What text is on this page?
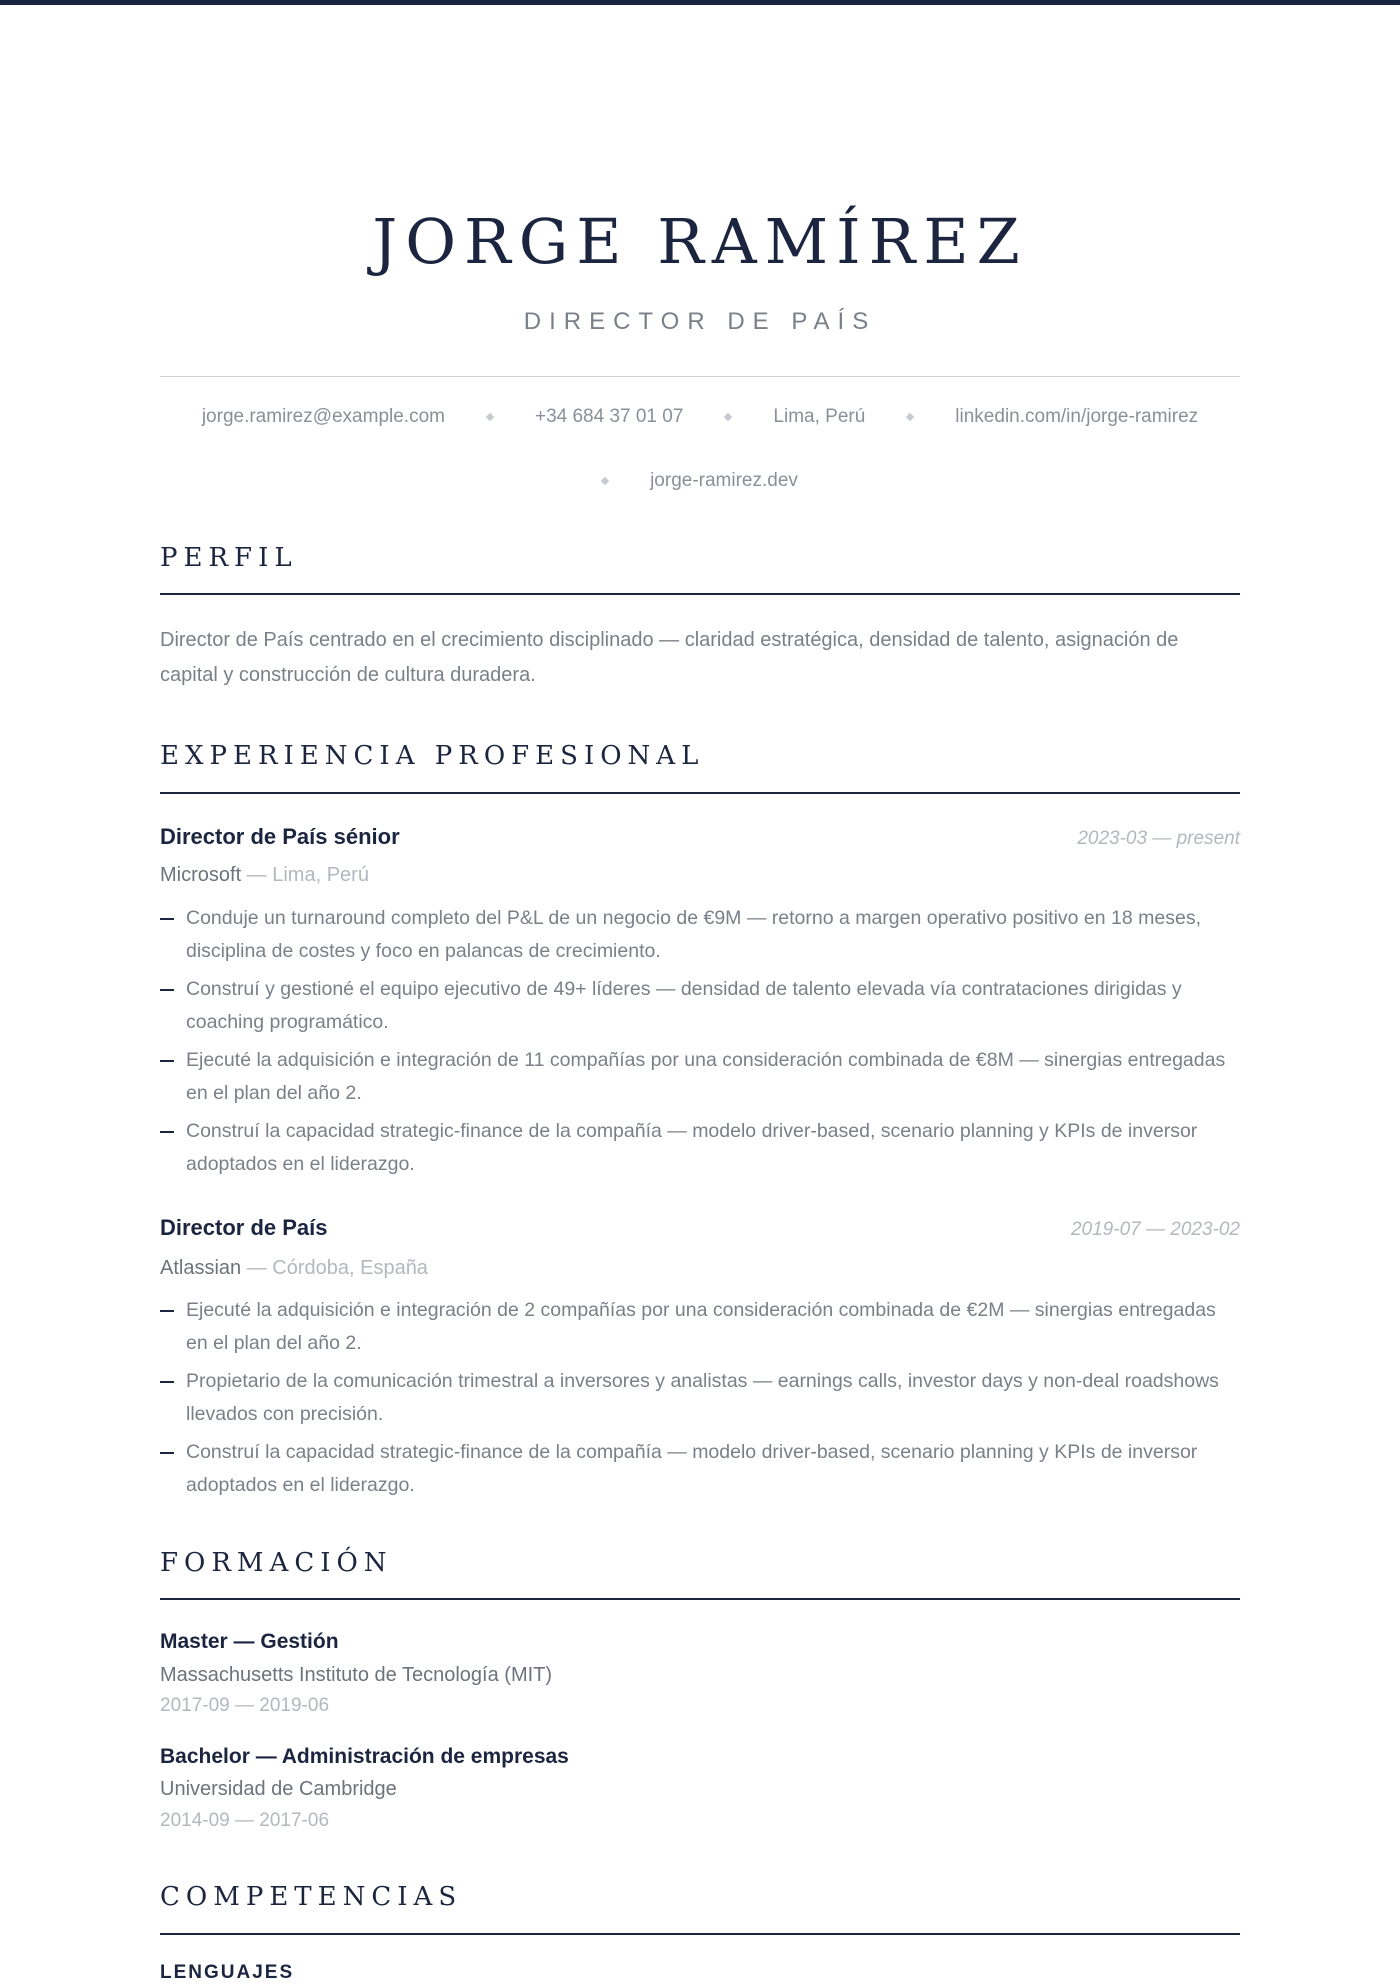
JORGE RAMÍREZ
DIRECTOR DE PAÍS
jorge.ramirez@example.com	+34 684 37 01 07	Lima, Perú	linkedin.com/in/jorge-ramirez
jorge-ramirez.dev
PERFIL

Director de País centrado en el crecimiento disciplinado — claridad estratégica, densidad de talento, asignación de capital y construcción de cultura duradera.

EXPERIENCIA PROFESIONAL
Director de País sénior	2023-03 — present
Microsoft — Lima, Perú
Conduje un turnaround completo del P&L de un negocio de €9M — retorno a margen operativo positivo en 18 meses, disciplina de costes y foco en palancas de crecimiento.
Construí y gestioné el equipo ejecutivo de 49+ líderes — densidad de talento elevada vía contrataciones dirigidas y coaching programático.
Ejecuté la adquisición e integración de 11 compañías por una consideración combinada de €8M — sinergias entregadas en el plan del año 2.
Construí la capacidad strategic-finance de la compañía — modelo driver-based, scenario planning y KPIs de inversor adoptados en el liderazgo.
Director de País	2019-07 — 2023-02
Atlassian — Córdoba, España
Ejecuté la adquisición e integración de 2 compañías por una consideración combinada de €2M — sinergias entregadas en el plan del año 2.
Propietario de la comunicación trimestral a inversores y analistas — earnings calls, investor days y non-deal roadshows llevados con precisión.
Construí la capacidad strategic-finance de la compañía — modelo driver-based, scenario planning y KPIs de inversor adoptados en el liderazgo.
FORMACIÓN
Master — Gestión
Massachusetts Instituto de Tecnología (MIT)
2017-09 — 2019-06
Bachelor — Administración de empresas
Universidad de Cambridge
2014-09 — 2017-06
COMPETENCIAS
LENGUAJES
